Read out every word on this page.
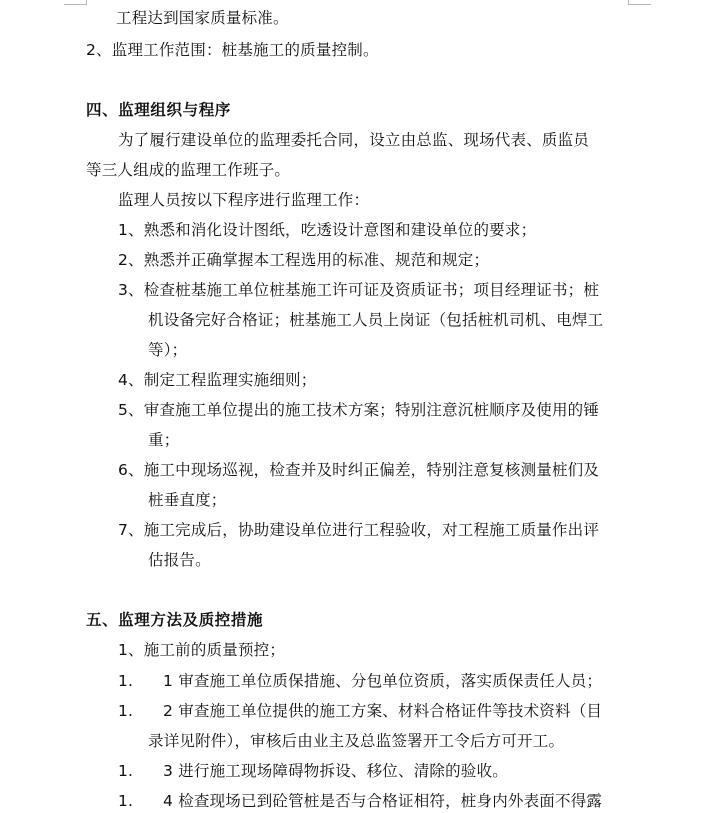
工程达到国家质量标准。
2、监理工作范围：桩基施工的质量控制。
四、监理组织与程序
为了履行建设单位的监理委托合同，设立由总监、现场代表、质监员
等三人组成的监理工作班子。
监理人员按以下程序进行监理工作：
1、熟悉和消化设计图纸，吃透设计意图和建设单位的要求；
2、熟悉并正确掌握本工程选用的标准、规范和规定；
3、检查桩基施工单位桩基施工许可证及资质证书；项目经理证书；桩
机设备完好合格证；桩基施工人员上岗证（包括桩机司机、电焊工
等）；
4、制定工程监理实施细则；
5、审查施工单位提出的施工技术方案；特别注意沉桩顺序及使用的锤
重；
6、施工中现场巡视，检查并及时纠正偏差，特别注意复核测量桩们及
桩垂直度；
7、施工完成后，协助建设单位进行工程验收，对工程施工质量作出评
估报告。
五、监理方法及质控措施
1、施工前的质量预控；
1. 1 审查施工单位质保措施、分包单位资质，落实质保责任人员；
1. 2 审查施工单位提供的施工方案、材料合格证件等技术资料（目
录详见附件），审核后由业主及总监签署开工令后方可开工。
1. 3 进行施工现场障碍物拆设、移位、清除的验收。
1. 4 检查现场已到砼管桩是否与合格证相符，桩身内外表面不得露
